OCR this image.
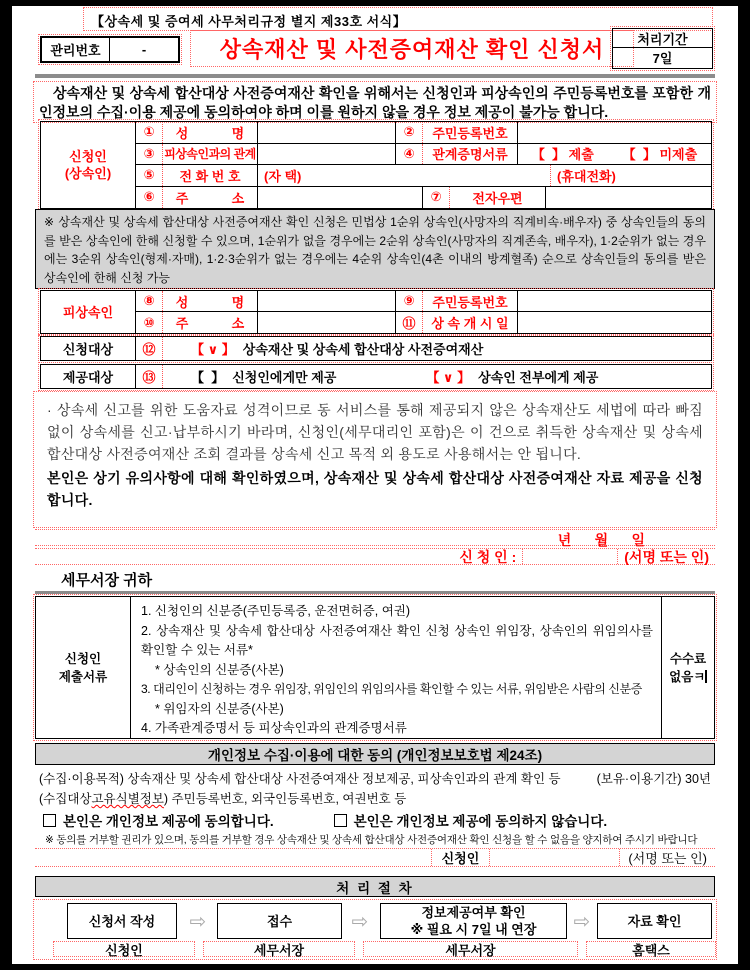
【상속세 및 증여세 사무처리규정 별지 제33호 서식】
관리번호	-	상속재산 및 사전증여재산 확인 신청서	처리기간
7일
상속재산 및 상속세 합산대상 사전증여재산 확인을 위해서는 신청인과 피상속인의 주민등록번호를 포함한 개인정보의 수집·이용 제공에 동의하여야 하며 이를 원하지 않을 경우 정보 제공이 불가능 합니다.
신청인
(상속인)
①	성            명	②	주민등록번호
③ 피상속인과의 관계	④	관계증명서류	【  】 제출        【  】 미제출
⑤	전 화 번 호	(자 택)	(휴대전화)
⑥	주            소	⑦	전자우편
※ 상속재산 및 상속세 합산대상 사전증여재산 확인 신청은 민법상 1순위 상속인(사망자의 직계비속·배우자) 중 상속인들의 동의를 받은 상속인에 한해 신청할 수 있으며, 1순위가 없을 경우에는 2순위 상속인(사망자의 직계존속, 배우자), 1·2순위가 없는 경우에는 3순위 상속인(형제·자매), 1·2·3순위가 없는 경우에는 4순위 상속인(4촌 이내의 방계혈족) 순으로 상속인들의 동의를 받은 상속인에 한해 신청 가능
피상속인
⑧	성            명	⑨	주민등록번호
⑩	주            소	⑪	상 속 개 시 일
신청대상	⑫	【 ∨ 】 상속재산 및 상속세 합산대상 사전증여재산
제공대상	⑬	【  】 신청인에게만 제공	【 ∨ 】 상속인 전부에게 제공
· 상속세 신고를 위한 도움자료 성격이므로 동 서비스를 통해 제공되지 않은 상속재산도 세법에 따라 빠짐없이 상속세를 신고·납부하시기 바라며, 신청인(세무대리인 포함)은 이 건으로 취득한 상속재산 및 상속세 합산대상 사전증여재산 조회 결과를 상속세 신고 목적 외 용도로 사용해서는 안 됩니다.
본인은 상기 유의사항에 대해 확인하였으며, 상속재산 및 상속세 합산대상 사전증여재산 자료 제공을 신청합니다.
년      월      일
신 청 인 :	(서명 또는 인)
세무서장 귀하
신청인
제출서류
1. 신청인의 신분증(주민등록증, 운전면허증, 여권)
2. 상속재산 및 상속세 합산대상 사전증여재산 확인 신청 상속인 위임장, 상속인의 위임의사를 확인할 수 있는 서류*
* 상속인의 신분증(사본)
3. 대리인이 신청하는 경우 위임장, 위임인의 위임의사를 확인할 수 있는 서류, 위임받은 사람의 신분증
* 위임자의 신분증(사본)
4. 가족관계증명서 등 피상속인과의 관계증명서류
수수료
없음ㅋ
개인정보 수집·이용에 대한 동의 (개인정보보호법 제24조)
(수집·이용목적) 상속재산 및 상속세 합산대상 사전증여재산 정보제공, 피상속인과의 관계 확인 등	(보유·이용기간) 30년
(수집대상 고유식별정보 ) 주민등록번호, 외국인등록번호, 여권번호 등
본인은 개인정보 제공에 동의합니다.	본인은 개인정보 제공에 동의하지 않습니다.
※ 동의를 거부할 권리가 있으며, 동의를 거부할 경우 상속재산 및 상속세 합산대상 사전증여재산 확인 신청을 할 수 없음을 양지하여 주시기 바랍니다
신청인	(서명 또는 인)
처 리 절 차
신청서 작성 ⇨	접수	⇨	정보제공여부 확인
※ 필요 시 7일 내 연장 ⇨	자료 확인
신청인	세무서장	세무서장	홈택스
